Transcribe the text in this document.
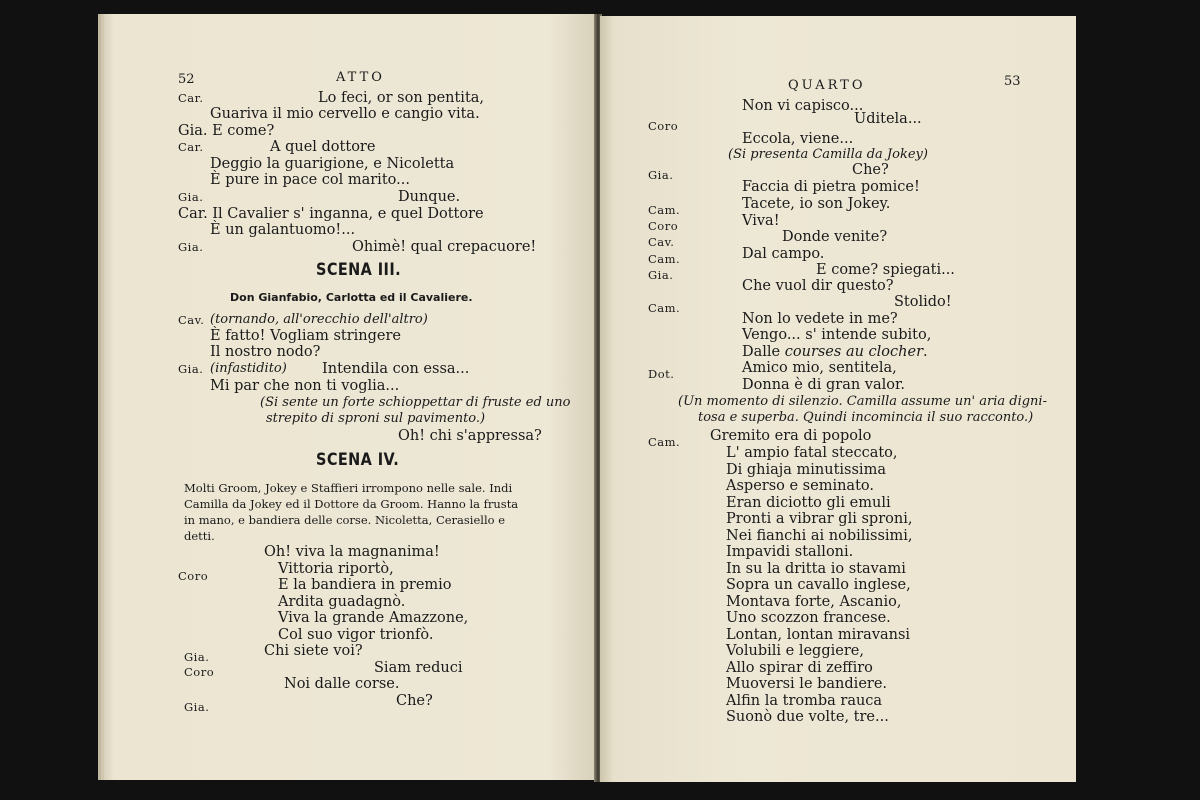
52	ATTO
Car.	Lo feci, or son pentita,
Guariva il mio cervello e cangio vita.
Gia. E come?
Car.	A quel dottore
Deggio la guarigione, e Nicoletta
È pure in pace col marito...
Gia.	Dunque.
Car. Il Cavalier s' inganna, e quel Dottore
È un galantuomo!...
Gia.	Ohimè! qual crepacuore!
Cav. (tornando, all'orecchio dell'altro)
È fatto! Vogliam stringere
Il nostro nodo?
Gia. (infastidito) Intendila con essa...
Mi par che non ti voglia...
(Si sente un forte schioppettar di fruste ed uno
strepito di sproni sul pavimento.)
Oh! chi s'appressa?
Coro
Oh! viva la magnanima!
Vittoria riportò,
E la bandiera in premio
Ardita guadagnò.
Viva la grande Amazzone,
Col suo vigor trionfò.
Gia.	Chi siete voi?
Coro	Siam reduci
Noi dalle corse.
Gia.	Che?
SCENA III.
Don Gianfabio, Carlotta ed il Cavaliere.
SCENA IV.
Molti Groom, Jokey e Staffieri irrompono nelle sale. Indi
Camilla da Jokey ed il Dottore da Groom. Hanno la frusta
in mano, e bandiera delle corse. Nicoletta, Cerasiello e
detti.
QUARTO	53
Non vi capisco...
Coro	Uditela...
Eccola, viene...
(Si presenta Camilla da Jokey)
Gia.	Che?
Faccia di pietra pomice!
Cam.	Tacete, io son Jokey.
Coro	Viva!
Cav.	Donde venite?
Cam.	Dal campo.
Gia.	E come? spiegati...
Che vuol dir questo?
Cam.	Stolido!
Non lo vedete in me?
Vengo... s' intende subito,
Dalle courses au clocher.
Dot.	Amico mio, sentitela,
Donna è di gran valor.
(Un momento di silenzio. Camilla assume un' aria digni-
tosa e superba. Quindi incomincia il suo racconto.)
Cam. Gremito era di popolo
L' ampio fatal steccato,
Di ghiaja minutissima
Asperso e seminato.
Eran diciotto gli emuli
Pronti a vibrar gli sproni,
Nei fianchi ai nobilissimi,
Impavidi stalloni.
In su la dritta io stavami
Sopra un cavallo inglese,
Montava forte, Ascanio,
Uno scozzon francese.
Lontan, lontan miravansi
Volubili e leggiere,
Allo spirar di zeffiro
Muoversi le bandiere.
Alfin la tromba rauca
Suonò due volte, tre...
